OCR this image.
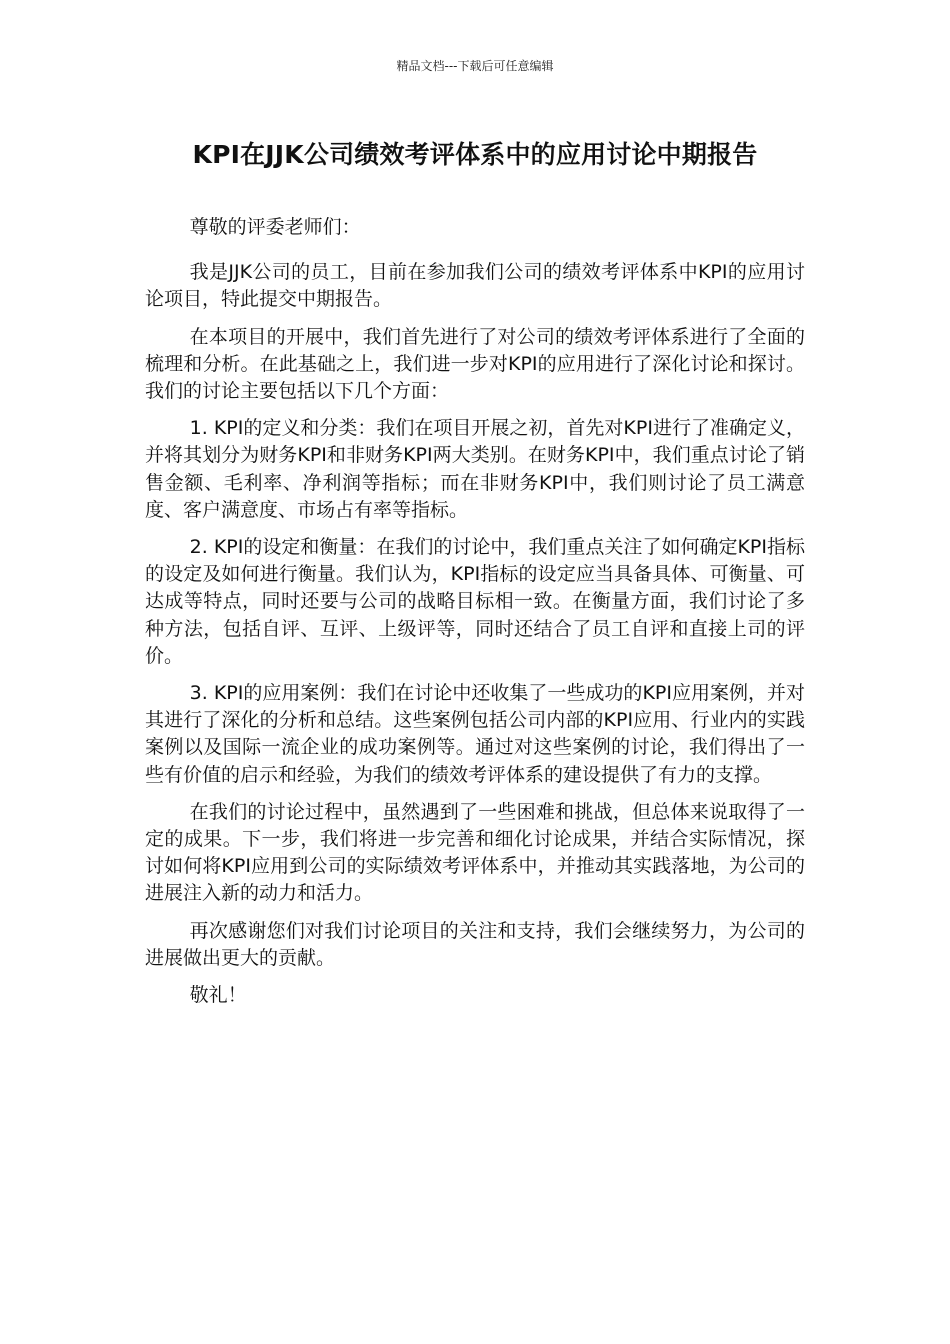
精品文档---下载后可任意编辑
KPI在JJK公司绩效考评体系中的应用讨论中期报告

尊敬的评委老师们：

我是JJK公司的员工，目前在参加我们公司的绩效考评体系中KPI的应用讨论项目，特此提交中期报告。

在本项目的开展中，我们首先进行了对公司的绩效考评体系进行了全面的梳理和分析。在此基础之上，我们进一步对KPI的应用进行了深化讨论和探讨。我们的讨论主要包括以下几个方面：

1. KPI的定义和分类：我们在项目开展之初，首先对KPI进行了准确定义，并将其划分为财务KPI和非财务KPI两大类别。在财务KPI中，我们重点讨论了销售金额、毛利率、净利润等指标；而在非财务KPI中，我们则讨论了员工满意度、客户满意度、市场占有率等指标。

2. KPI的设定和衡量：在我们的讨论中，我们重点关注了如何确定KPI指标的设定及如何进行衡量。我们认为，KPI指标的设定应当具备具体、可衡量、可达成等特点，同时还要与公司的战略目标相一致。在衡量方面，我们讨论了多种方法，包括自评、互评、上级评等，同时还结合了员工自评和直接上司的评价。

3. KPI的应用案例：我们在讨论中还收集了一些成功的KPI应用案例，并对其进行了深化的分析和总结。这些案例包括公司内部的KPI应用、行业内的实践案例以及国际一流企业的成功案例等。通过对这些案例的讨论，我们得出了一些有价值的启示和经验，为我们的绩效考评体系的建设提供了有力的支撑。

在我们的讨论过程中，虽然遇到了一些困难和挑战，但总体来说取得了一定的成果。下一步，我们将进一步完善和细化讨论成果，并结合实际情况，探讨如何将KPI应用到公司的实际绩效考评体系中，并推动其实践落地，为公司的进展注入新的动力和活力。

再次感谢您们对我们讨论项目的关注和支持，我们会继续努力，为公司的进展做出更大的贡献。

敬礼！
